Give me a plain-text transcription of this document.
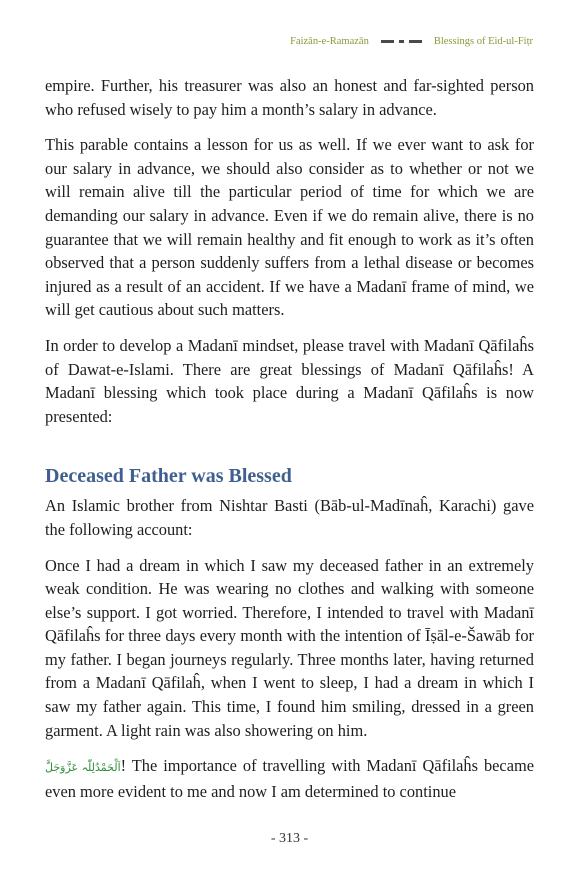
Faizān-e-Ramazān	Blessings of Eid-ul-Fiṭr

empire. Further, his treasurer was also an honest and far-sighted person who refused wisely to pay him a month’s salary in advance.

This parable contains a lesson for us as well. If we ever want to ask for our salary in advance, we should also consider as to whether or not we will remain alive till the particular period of time for which we are demanding our salary in advance. Even if we do remain alive, there is no guarantee that we will remain healthy and fit enough to work as it’s often observed that a person suddenly suffers from a lethal disease or becomes injured as a result of an accident. If we have a Madanī frame of mind, we will get cautious about such matters.

In order to develop a Madanī mindset, please travel with Madanī Qāfilaĥs of Dawat-e-Islami. There are great blessings of Madanī Qāfilaĥs! A Madanī blessing which took place during a Madanī Qāfilaĥs is now presented:

Deceased Father was Blessed

An Islamic brother from Nishtar Basti (Bāb-ul-Madīnaĥ, Karachi) gave the following account:

Once I had a dream in which I saw my deceased father in an extremely weak condition. He was wearing no clothes and walking with someone else’s support. I got worried. Therefore, I intended to travel with Madanī Qāfilaĥs for three days every month with the intention of Īṣāl-e-Šawāb for my father. I began journeys regularly. Three months later, having returned from a Madanī Qāfilaĥ, when I went to sleep, I had a dream in which I saw my father again. This time, I found him smiling, dressed in a green garment. A light rain was also showering on him.

اَلْحَمْدُلِلّٰہ عَزَّوَجَلَّ! The importance of travelling with Madanī Qāfilaĥs became even more evident to me and now I am determined to continue

- 313 -
